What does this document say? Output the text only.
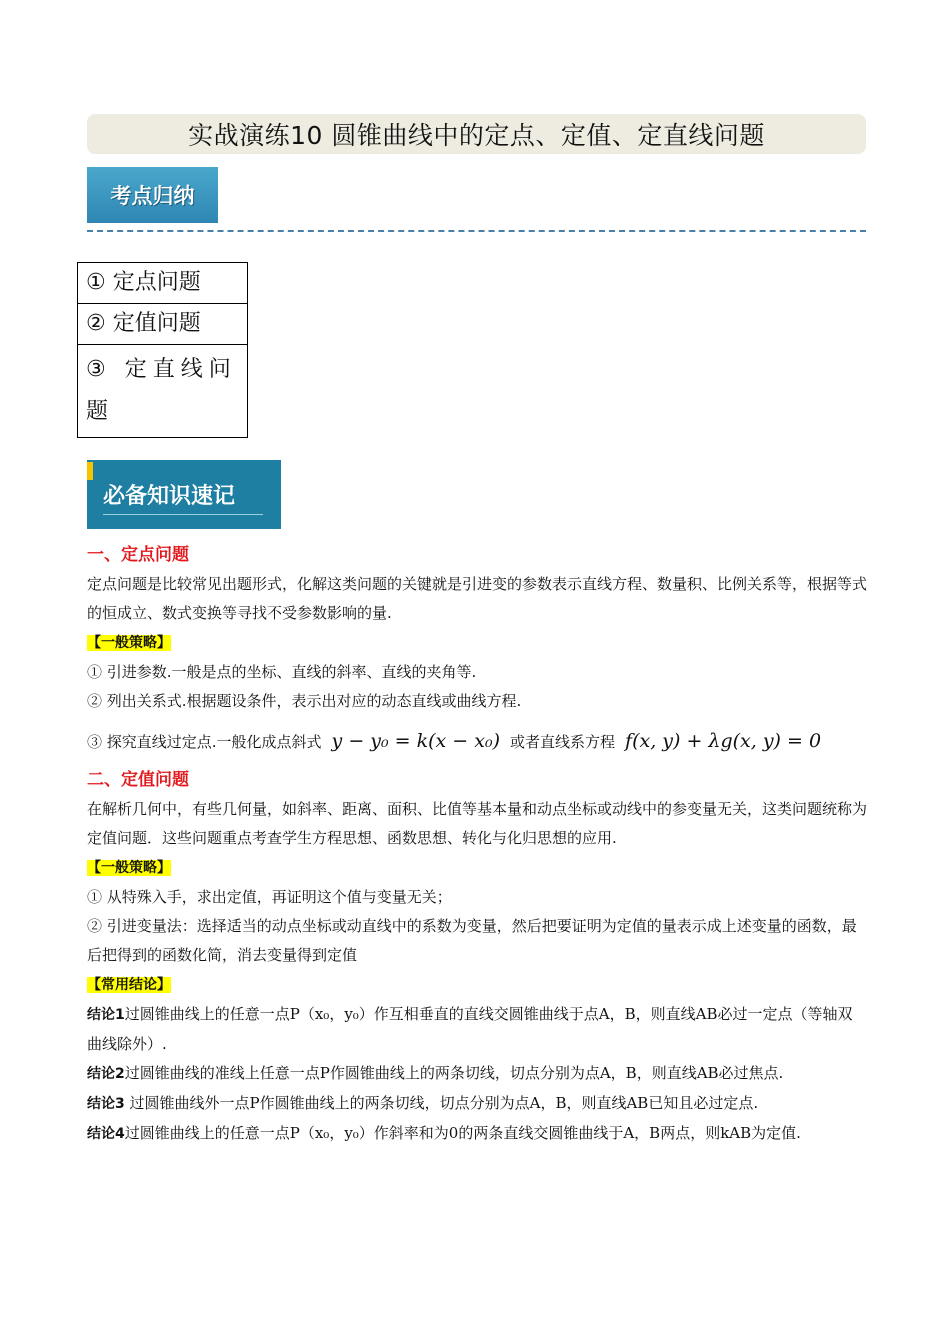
实战演练10 圆锥曲线中的定点、定值、定直线问题
考点归纳
① 定点问题
② 定值问题
③ 定直线问题
必备知识速记

一、定点问题

定点问题是比较常见出题形式，化解这类问题的关键就是引进变的参数表示直线方程、数量积、比例关系等，根据等式的恒成立、数式变换等寻找不受参数影响的量.

【一般策略】

① 引进参数.一般是点的坐标、直线的斜率、直线的夹角等.

② 列出关系式.根据题设条件，表示出对应的动态直线或曲线方程.

③ 探究直线过定点.一般化成点斜式 y − y₀ = k(x − x₀) 或者直线系方程 f(x, y) + λg(x, y) = 0

二、定值问题

在解析几何中，有些几何量，如斜率、距离、面积、比值等基本量和动点坐标或动线中的参变量无关，这类问题统称为定值问题．这些问题重点考查学生方程思想、函数思想、转化与化归思想的应用.

【一般策略】

① 从特殊入手，求出定值，再证明这个值与变量无关；

② 引进变量法：选择适当的动点坐标或动直线中的系数为变量，然后把要证明为定值的量表示成上述变量的函数，最后把得到的函数化简，消去变量得到定值

【常用结论】

结论1过圆锥曲线上的任意一点P（x₀，y₀）作互相垂直的直线交圆锥曲线于点A，B，则直线AB必过一定点（等轴双曲线除外）.

结论2过圆锥曲线的准线上任意一点P作圆锥曲线上的两条切线，切点分别为点A，B，则直线AB必过焦点.

结论3 过圆锥曲线外一点P作圆锥曲线上的两条切线，切点分别为点A，B，则直线AB已知且必过定点.

结论4过圆锥曲线上的任意一点P（x₀，y₀）作斜率和为0的两条直线交圆锥曲线于A，B两点，则kAB为定值.
